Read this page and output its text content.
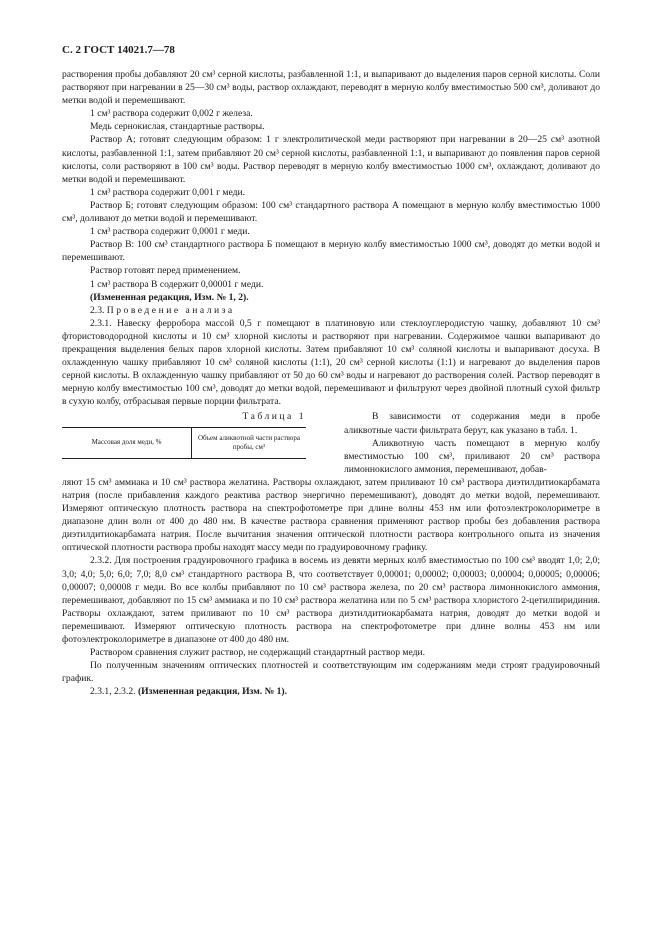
С. 2 ГОСТ 14021.7—78

растворения пробы добавляют 20 см³ серной кислоты, разбавленной 1:1, и выпаривают до выделения паров серной кислоты. Соли растворяют при нагревании в 25—30 см³ воды, раствор охлаждают, переводят в мерную колбу вместимостью 500 см³, доливают до метки водой и перемешивают.

1 см³ раствора содержит 0,002 г железа.

Медь сернокислая, стандартные растворы.

Раствор А; готовят следующим образом: 1 г электролитической меди растворяют при нагревании в 20—25 см³ азотной кислоты, разбавленной 1:1, затем прибавляют 20 см³ серной кислоты, разбавленной 1:1, и выпаривают до появления паров серной кислоты, соли растворяют в 100 см³ воды. Раствор переводят в мерную колбу вместимостью 1000 см³, охлаждают, доливают до метки водой и перемешивают.

1 см³ раствора содержит 0,001 г меди.

Раствор Б; готовят следующим образом: 100 см³ стандартного раствора А помещают в мерную колбу вместимостью 1000 см³, доливают до метки водой и перемешивают.

1 см³ раствора содержит 0,0001 г меди.

Раствор В: 100 см³ стандартного раствора Б помещают в мерную колбу вместимостью 1000 см³, доводят до метки водой и перемешивают.

Раствор готовят перед применением.

1 см³ раствора В содержит 0,00001 г меди.

(Измененная редакция, Изм. № 1, 2).

2.3. Проведение анализа

2.3.1. Навеску ферробора массой 0,5 г помещают в платиновую или стеклоуглеродистую чашку, добавляют 10 см³ фтористоводородной кислоты и 10 см³ хлорной кислоты и растворяют при нагревании. Содержимое чашки выпаривают до прекращения выделения белых паров хлорной кислоты. Затем прибавляют 10 см³ соляной кислоты и выпаривают досуха. В охлажденную чашку прибавляют 10 см³ соляной кислоты (1:1), 20 см³ серной кислоты (1:1) и нагревают до выделения паров серной кислоты. В охлажденную чашку прибавляют от 50 до 60 см³ воды и нагревают до растворения солей. Раствор переводят в мерную колбу вместимостью 100 см³, доводят до метки водой, перемешивают и фильтруют через двойной плотный сухой фильтр в сухую колбу, отбрасывая первые порции фильтрата.

Таблица 1
Массовая доля меди, %	Объем аликвотной части раствора пробы, см³

В зависимости от содержания меди в пробе аликвотные части фильтрата берут, как указано в табл. 1.

Аликвотную часть помещают в мерную колбу вместимостью 100 см³, приливают 20 см³ раствора лимоннокислого аммония, перемешивают, добав-

ляют 15 см³ аммиака и 10 см³ раствора желатина. Растворы охлаждают, затем приливают 10 см³ раствора диэтилдитиокарбамата натрия (после прибавления каждого реактива раствор энергично перемешивают), доводят до метки водой, перемешивают. Измеряют оптическую плотность раствора на спектрофотометре при длине волны 453 нм или фотоэлектроколориметре в диапазоне длин волн от 400 до 480 нм. В качестве раствора сравнения применяют раствор пробы без добавления раствора диэтилдитиокарбамата натрия. После вычитания значения оптической плотности раствора контрольного опыта из значения оптической плотности раствора пробы находят массу меди по градуировочному графику.

2.3.2. Для построения градуировочного графика в восемь из девяти мерных колб вместимостью по 100 см³ вводят 1,0; 2,0; 3,0; 4,0; 5,0; 6,0; 7,0; 8,0 см³ стандартного раствора В, что соответствует 0,00001; 0,00002; 0,00003; 0,00004; 0,00005; 0,00006; 0,00007; 0,00008 г меди. Во все колбы прибавляют по 10 см³ раствора железа, по 20 см³ раствора лимоннокислого аммония, перемешивают, добавляют по 15 см³ аммиака и по 10 см³ раствора желатина или по 5 см³ раствора хлористого 2-цетилпиридиния. Растворы охлаждают, затем приливают по 10 см³ раствора диэтилдитиокарбамата натрия, доводят до метки водой и перемешивают. Измеряют оптическую плотность раствора на спектрофотометре при длине волны 453 нм или фотоэлектроколориметре в диапазоне от 400 до 480 нм.

Раствором сравнения служит раствор, не содержащий стандартный раствор меди.

По полученным значениям оптических плотностей и соответствующим им содержаниям меди строят градуировочный график.

2.3.1, 2.3.2. (Измененная редакция, Изм. № 1).
